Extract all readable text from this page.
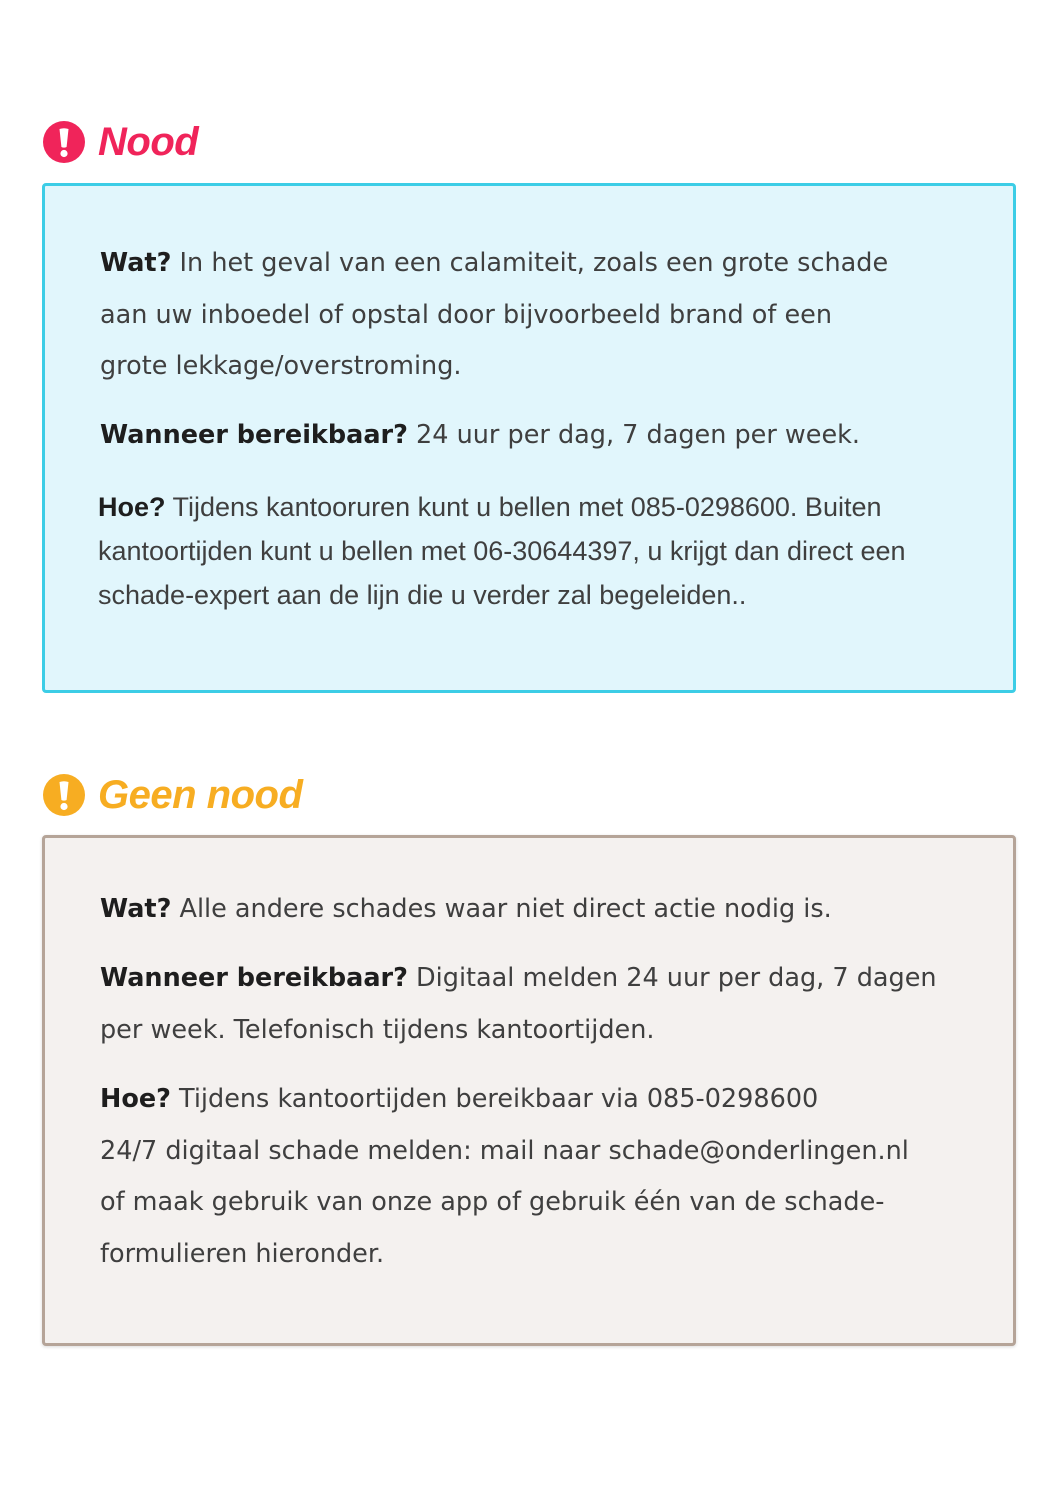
Nood

Wat? In het geval van een calamiteit, zoals een grote schade
aan uw inboedel of opstal door bijvoorbeeld brand of een
grote lekkage/overstroming.

Wanneer bereikbaar? 24 uur per dag, 7 dagen per week.

Hoe? Tijdens kantooruren kunt u bellen met 085-0298600. Buiten
kantoortijden kunt u bellen met 06-30644397, u krijgt dan direct een
schade-expert aan de lijn die u verder zal begeleiden..

Geen nood

Wat? Alle andere schades waar niet direct actie nodig is.

Wanneer bereikbaar? Digitaal melden 24 uur per dag, 7 dagen
per week. Telefonisch tijdens kantoortijden.

Hoe? Tijdens kantoortijden bereikbaar via 085-0298600
24/7 digitaal schade melden: mail naar schade@onderlingen.nl
of maak gebruik van onze app of gebruik één van de schade-
formulieren hieronder.
